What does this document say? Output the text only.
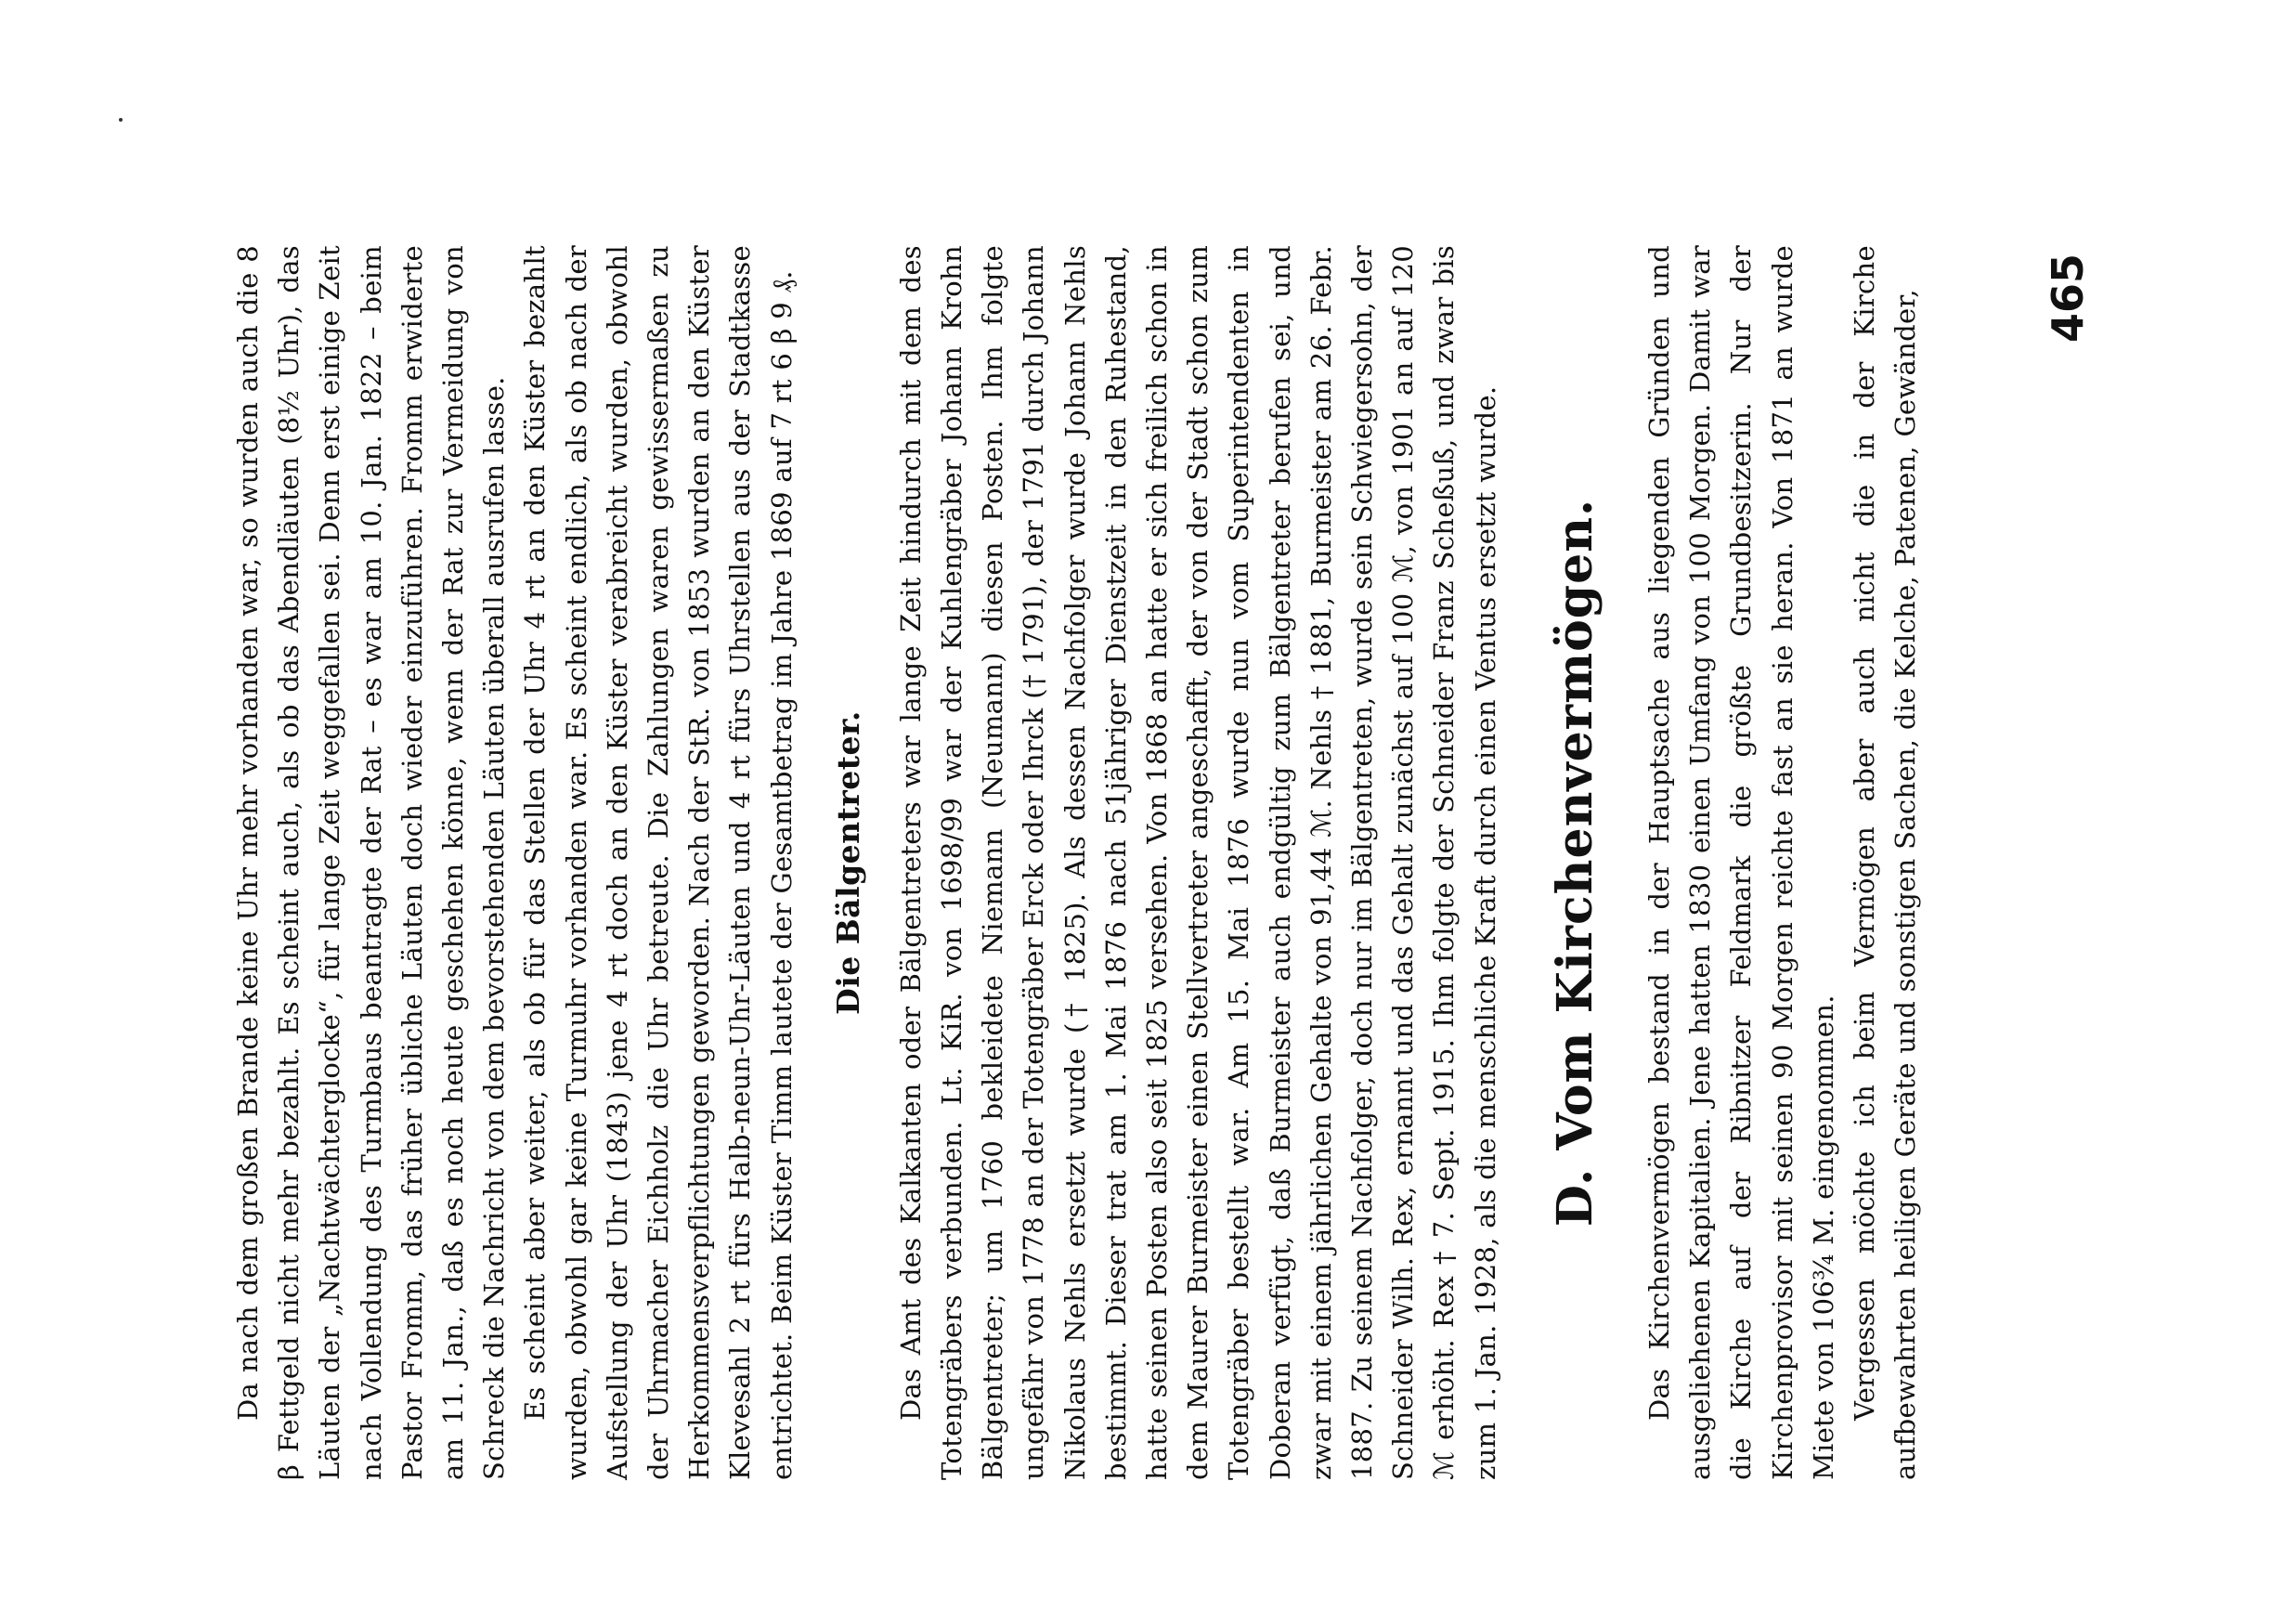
Da nach dem großen Brande keine Uhr mehr vorhanden war, so wurden auch die 8 β Fettgeld nicht mehr bezahlt. Es scheint auch, als ob das Abendläuten (8½ Uhr), das Läuten der „Nachtwächterglocke“, für lange Zeit weggefallen sei. Denn erst einige Zeit nach Vollendung des Turmbaus beantragte der Rat – es war am 10. Jan. 1822 – beim Pastor Fromm, das früher übliche Läuten doch wieder einzuführen. Fromm erwiderte am 11. Jan., daß es noch heute geschehen könne, wenn der Rat zur Vermeidung von Schreck die Nachricht von dem bevorstehenden Läuten überall ausrufen lasse. Es scheint aber weiter, als ob für das Stellen der Uhr 4 rt an den Küster bezahlt wurden, obwohl gar keine Turmuhr vorhanden war. Es scheint endlich, als ob nach der Aufstellung der Uhr (1843) jene 4 rt doch an den Küster verabreicht wurden, obwohl der Uhrmacher Eichholz die Uhr betreute. Die Zahlungen waren gewissermaßen zu Herkommensverpflichtungen geworden. Nach der StR. von 1853 wurden an den Küster Klevesahl 2 rt fürs Halb-neun-Uhr-Läuten und 4 rt fürs Uhrstellen aus der Stadtkasse entrichtet. Beim Küster Timm lautete der Gesamtbetrag im Jahre 1869 auf 7 rt 6 β 9 ₰. Die Bälgentreter. Das Amt des Kalkanten oder Bälgentreters war lange Zeit hindurch mit dem des Totengräbers verbunden. Lt. KiR. von 1698/99 war der Kuhlengräber Johann Krohn Bälgentreter; um 1760 bekleidete Niemann (Neumann) diesen Posten. Ihm folgte ungefähr von 1778 an der Totengräber Erck oder Ihrck († 1791), der 1791 durch Johann Nikolaus Nehls ersetzt wurde († 1825). Als dessen Nachfolger wurde Johann Nehls bestimmt. Dieser trat am 1. Mai 1876 nach 51jähriger Dienstzeit in den Ruhestand, hatte seinen Posten also seit 1825 versehen. Von 1868 an hatte er sich freilich schon in dem Maurer Burmeister einen Stellvertreter angeschafft, der von der Stadt schon zum Totengräber bestellt war. Am 15. Mai 1876 wurde nun vom Superintendenten in Doberan verfügt, daß Burmeister auch endgültig zum Bälgentreter berufen sei, und zwar mit einem jährlichen Gehalte von 91,44 ℳ. Nehls † 1881, Burmeister am 26. Febr. 1887. Zu seinem Nachfolger, doch nur im Bälgentreten, wurde sein Schwiegersohn, der Schneider Wilh. Rex, ernannt und das Gehalt zunächst auf 100 ℳ, von 1901 an auf 120 ℳ erhöht. Rex † 7. Sept. 1915. Ihm folgte der Schneider Franz Scheßuß, und zwar bis zum 1. Jan. 1928, als die menschliche Kraft durch einen Ventus ersetzt wurde. D. Vom Kirchenvermögen. Das Kirchenvermögen bestand in der Hauptsache aus liegenden Gründen und ausgeliehenen Kapitalien. Jene hatten 1830 einen Umfang von 100 Morgen. Damit war die Kirche auf der Ribnitzer Feldmark die größte Grundbesitzerin. Nur der Kirchenprovisor mit seinen 90 Morgen reichte fast an sie heran. Von 1871 an wurde Miete von 106¾ M. eingenommen. Vergessen möchte ich beim Vermögen aber auch nicht die in der Kirche aufbewahrten heiligen Geräte und sonstigen Sachen, die Kelche, Patenen, Gewänder,	465
